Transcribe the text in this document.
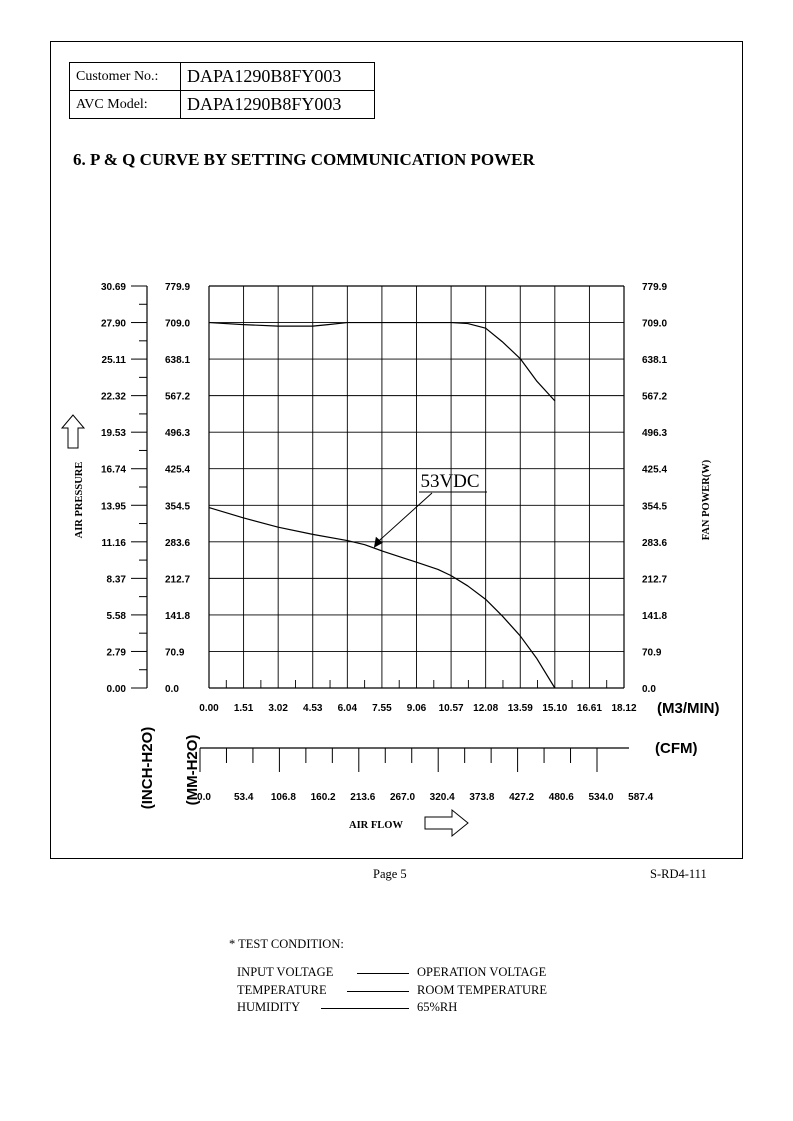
Customer No.:	DAPA1290B8FY003
AVC Model:	DAPA1290B8FY003
6. P & Q CURVE BY SETTING COMMUNICATION POWER
0.00
2.79
5.58
8.37
11.16
13.95
16.74
19.53
22.32
25.11
27.90
30.69
0.0
70.9
141.8
212.7
283.6
354.5
425.4
496.3
567.2
638.1
709.0
779.9
0.0
70.9
141.8
212.7
283.6
354.5
425.4
496.3
567.2
638.1
709.0
779.9
0.00 1.51 3.02 4.53 6.04 7.55 9.06 10.57 12.08 13.59 15.10 16.61 18.12 (M3/MIN)
0.0 53.4 106.8 160.2 213.6 267.0 320.4 373.8 427.2 480.6 534.0 587.4
(CFM)
AIR PRESSURE	FAN POWER(W)
(INCH-H2O) (MM-H2O)
AIR FLOW
53VDC
* TEST CONDITION:
INPUT VOLTAGE	OPERATION VOLTAGE
TEMPERATURE	ROOM TEMPERATURE
HUMIDITY	65%RH
Page 5	S-RD4-111
